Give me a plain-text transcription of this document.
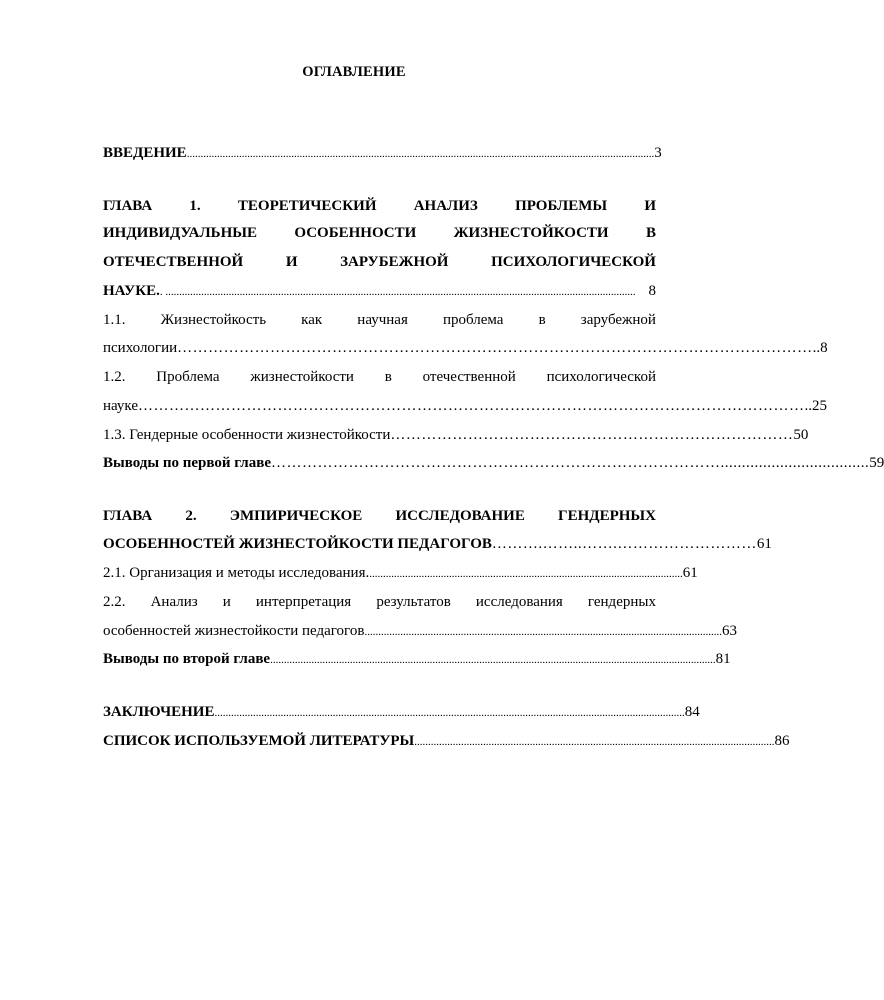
ОГЛАВЛЕНИЕ
ВВЕДЕНИЕ .......................................................................................................................................................................... 3
ГЛАВА 1. ТЕОРЕТИЧЕСКИЙ АНАЛИЗ ПРОБЛЕМЫ И
ИНДИВИДУАЛЬНЫЕ ОСОБЕННОСТИ ЖИЗНЕСТОЙКОСТИ В
ОТЕЧЕСТВЕННОЙ	И	ЗАРУБЕЖНОЙ	ПСИХОЛОГИЧЕСКОЙ
НАУКЕ. . ........................................................................................................................................................................... 8
1.1. Жизнестойкость как научная проблема в зарубежной
психологии …………………………………………………………………………………………………………… ..8
1.2. Проблема жизнестойкости в отечественной психологической
науке ………………………………………………………………………………………………………………… ..25
1.3. Гендерные особенности жизнестойкости …………………………………………………………………… 50
Выводы по первой главе ……………………………………………………………………………................................... 59
ГЛАВА 2. ЭМПИРИЧЕСКОЕ ИССЛЕДОВАНИЕ ГЕНДЕРНЫХ
ОСОБЕННОСТЕЙ ЖИЗНЕСТОЙКОСТИ ПЕДАГОГОВ ……….……..…….……………………… 61
2.1. Организация и методы исследования. .................................................................................................................. 61
2.2. Анализ и интерпретация результатов исследования гендерных
особенностей жизнестойкости педагогов .................................................................................................................................. 63
Выводы по второй главе .................................................................................................................................................................. 81
ЗАКЛЮЧЕНИЕ ........................................................................................................................................................................... 84
СПИСОК ИСПОЛЬЗУЕМОЙ ЛИТЕРАТУРЫ ................................................................................................................................... 86
